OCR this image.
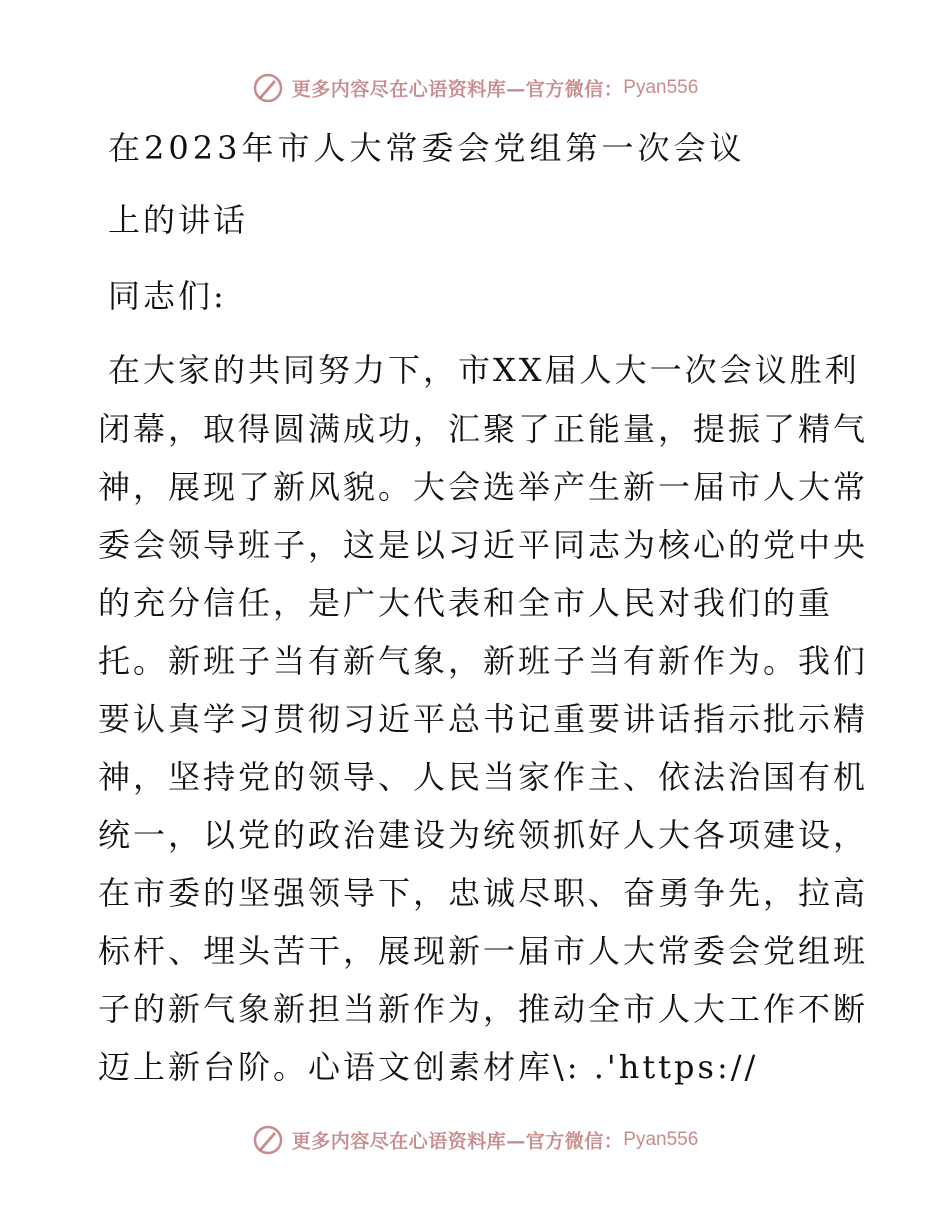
更多内容尽在心语资料库—官方微信：Pyan556
在2023年市人大常委会党组第一次会议
上的讲话
同志们:
在大家的共同努力下，市XX届人大一次会议胜利
闭幕，取得圆满成功，汇聚了正能量，提振了精气
神，展现了新风貌。大会选举产生新一届市人大常
委会领导班子，这是以习近平同志为核心的党中央
的充分信任，是广大代表和全市人民对我们的重
托。新班子当有新气象，新班子当有新作为。我们
要认真学习贯彻习近平总书记重要讲话指示批示精
神，坚持党的领导、人民当家作主、依法治国有机
统一，以党的政治建设为统领抓好人大各项建设，
在市委的坚强领导下，忠诚尽职、奋勇争先，拉高
标杆、埋头苦干，展现新一届市人大常委会党组班
子的新气象新担当新作为，推动全市人大工作不断
迈上新台阶。心语文创素材库\: .'https://
更多内容尽在心语资料库—官方微信：Pyan556
